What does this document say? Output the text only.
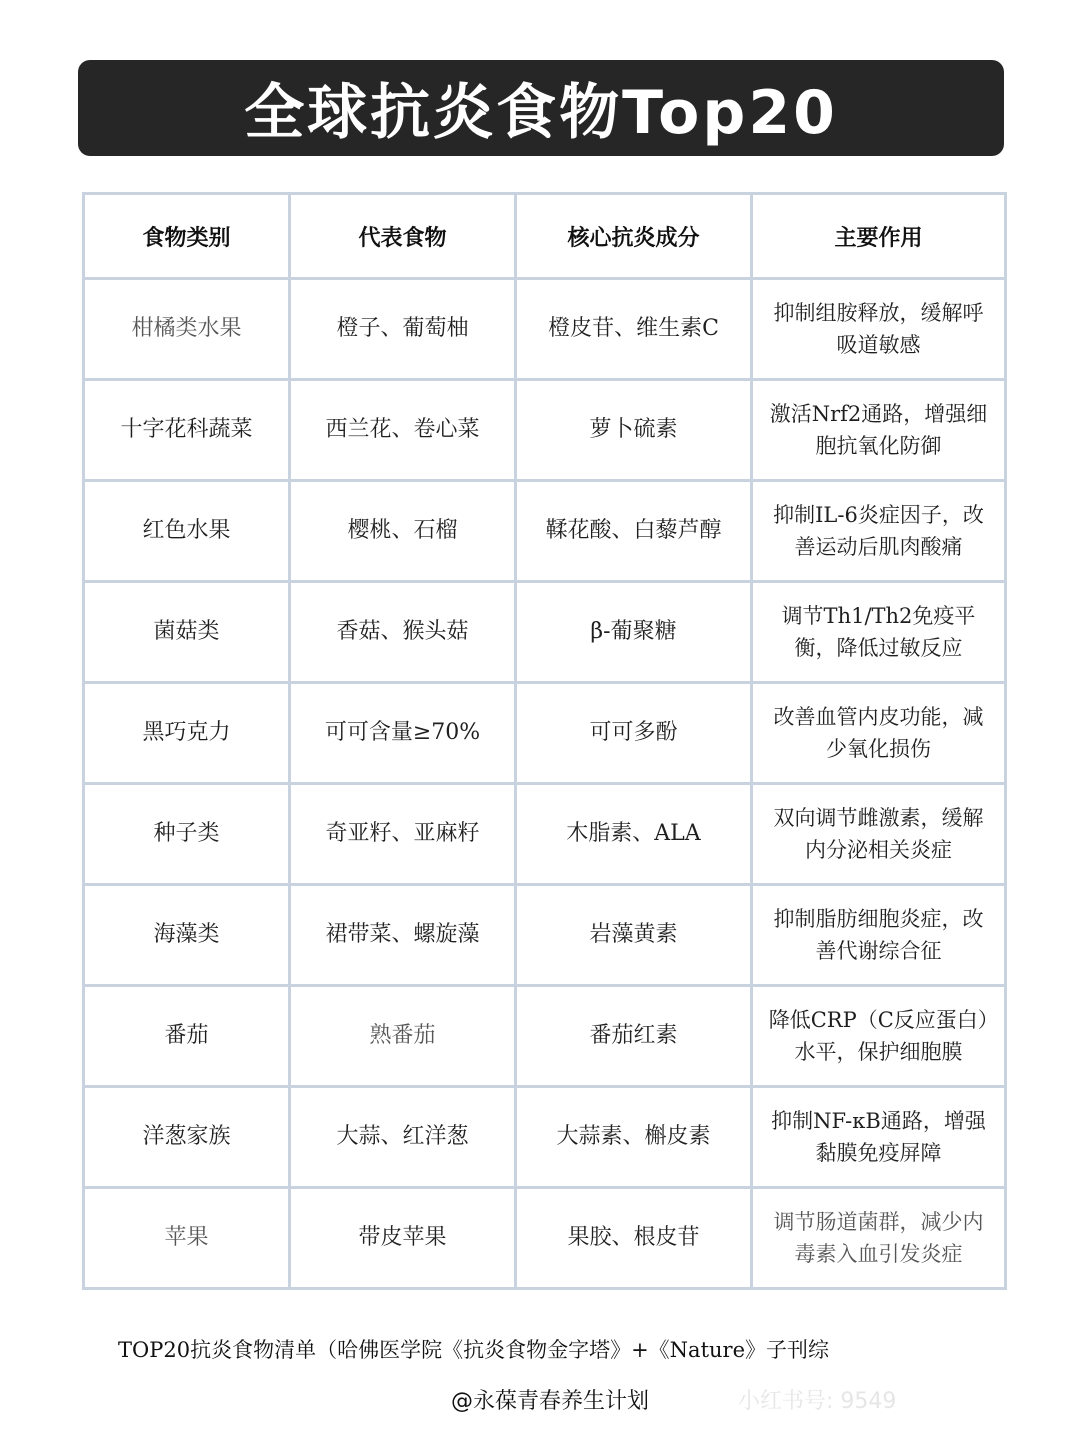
全球抗炎食物Top20
食物类别	代表食物	核心抗炎成分	主要作用
柑橘类水果	橙子、葡萄柚	橙皮苷、维生素C	抑制组胺释放，缓解呼吸道敏感
十字花科蔬菜	西兰花、卷心菜	萝卜硫素	激活Nrf2通路，增强细胞抗氧化防御
红色水果	樱桃、石榴	鞣花酸、白藜芦醇	抑制IL-6炎症因子，改善运动后肌肉酸痛
菌菇类	香菇、猴头菇	β-葡聚糖	调节Th1/Th2免疫平衡，降低过敏反应
黑巧克力	可可含量≥70%	可可多酚	改善血管内皮功能，减少氧化损伤
种子类	奇亚籽、亚麻籽	木脂素、ALA	双向调节雌激素，缓解内分泌相关炎症
海藻类	裙带菜、螺旋藻	岩藻黄素	抑制脂肪细胞炎症，改善代谢综合征
番茄	熟番茄	番茄红素	降低CRP（C反应蛋白）水平，保护细胞膜
洋葱家族	大蒜、红洋葱	大蒜素、槲皮素	抑制NF-κB通路，增强黏膜免疫屏障
苹果	带皮苹果	果胶、根皮苷	调节肠道菌群，减少内毒素入血引发炎症
TOP20抗炎食物清单（哈佛医学院《抗炎食物金字塔》+《Nature》子刊综
@永葆青春养生计划	小红书号: 9549
